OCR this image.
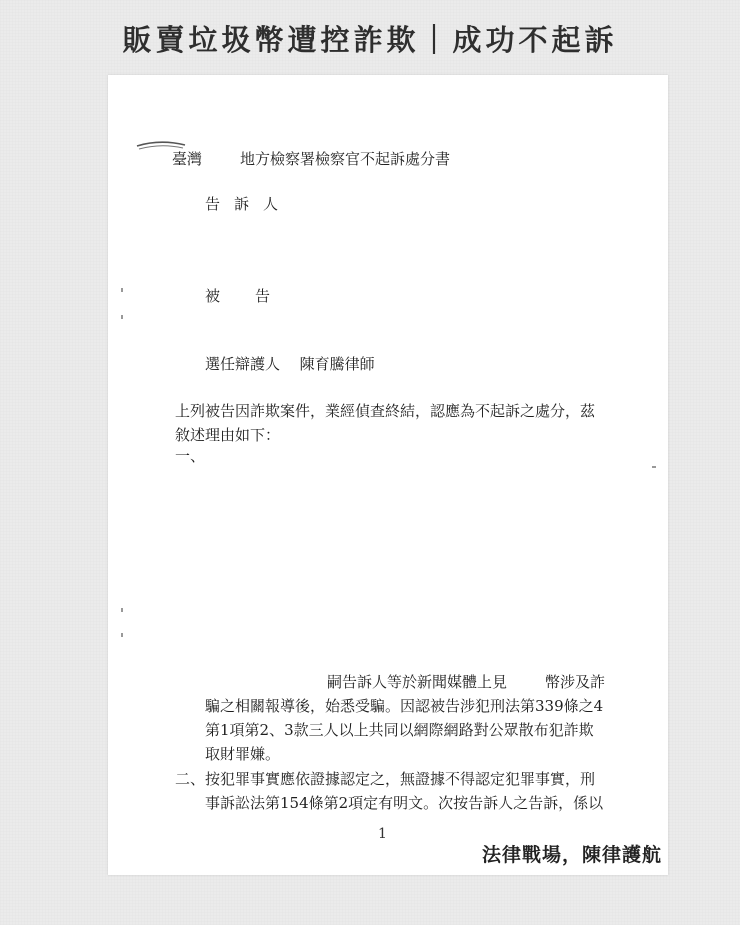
販賣垃圾幣遭控詐欺｜成功不起訴
臺灣	地方檢察署檢察官不起訴處分書
告訴人
被　告
選任辯護人 陳育騰律師
上列被告因詐欺案件，業經偵查終結，認應為不起訴之處分，茲
敘述理由如下：
一、
嗣告訴人等於新聞媒體上見	幣涉及詐
騙之相關報導後，始悉受騙。因認被告涉犯刑法第339條之4
第1項第2、3款三人以上共同以網際網路對公眾散布犯詐欺
取財罪嫌。
二、按犯罪事實應依證據認定之，無證據不得認定犯罪事實，刑
事訴訟法第154條第2項定有明文。次按告訴人之告訴，係以
1
法律戰場，陳律護航
